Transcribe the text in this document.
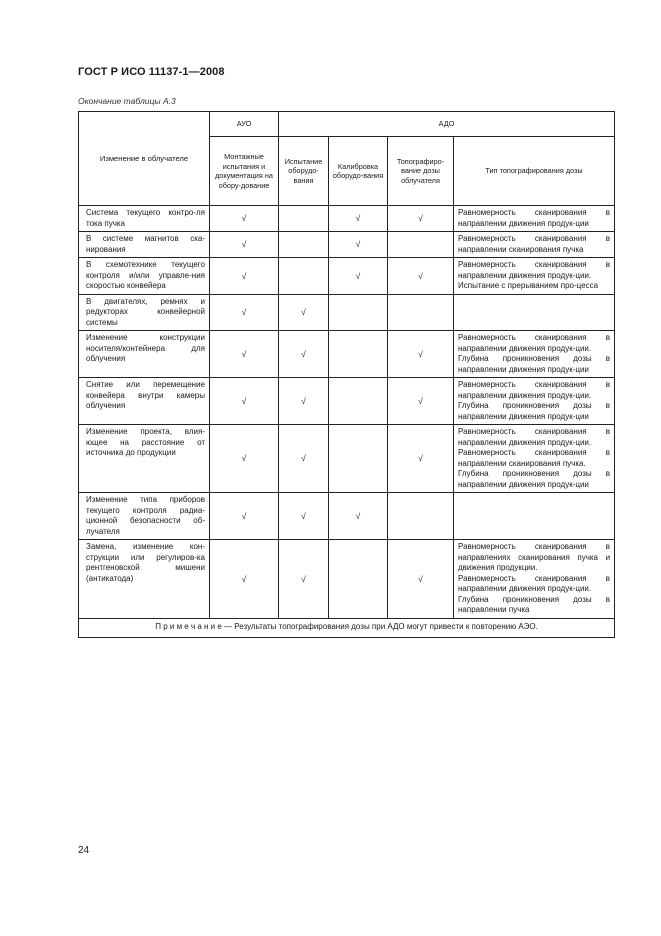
ГОСТ Р ИСО 11137-1—2008
Окончание таблицы А.3
Изменение в облучателе	АУО	АДО			
	Монтажные испытания и документация на обору-дование	Испытание оборудо-вания	Калибровка оборудо-вания	Топографиро-вание дозы облучателя	Тип топографирования дозы
Система текущего контро-ля тока пучка	√		√	√	Равномерность сканирования в направлении движения продук-ции

В системе магнитов ска-нирования	√		√		Равномерность сканирования в направлении сканирования пучка

В схемотехнике текущего контроля и/или управле-ния скоростью конвейера	√		√	√	Равномерность сканирования в направлении движения продук-ции.
Испытание с прерыванием про-цесса

В двигателях, ремнях и редукторах конвейерной системы	√	√			
Изменение конструкции носителя/контейнера для облучения	√	√		√	Равномерность сканирования в направлении движения продук-ции.
Глубина проникновения дозы в направлении движения продук-ции

Снятие или перемещение конвейера внутри камеры облучения	√	√		√	Равномерность сканирования в направлении движения продук-ции.
Глубина проникновения дозы в направлении движения продук-ции

Изменение проекта, влия-ющее на расстояние от источника до продукции	√	√		√	Равномерность сканирования в направлении движения продук-ции.
Равномерность сканирования в направлении сканирования пучка.
Глубина проникновения дозы в направлении движения продук-ции

Изменение типа приборов текущего контроля радиа-ционной безопасности об-лучателя	√	√	√		
Замена, изменение кон-струкции или регулиров-ка рентгеновской мишени (антикатода)	√	√		√	Равномерность сканирования в направлениях сканирования пучка и движения продукции.
Равномерность сканирования в направлении движения продук-ции.
Глубина проникновения дозы в направлении пучка

П р и м е ч а н и е — Результаты топографирования дозы при АДО могут привести к повторению АЭО.					
24
